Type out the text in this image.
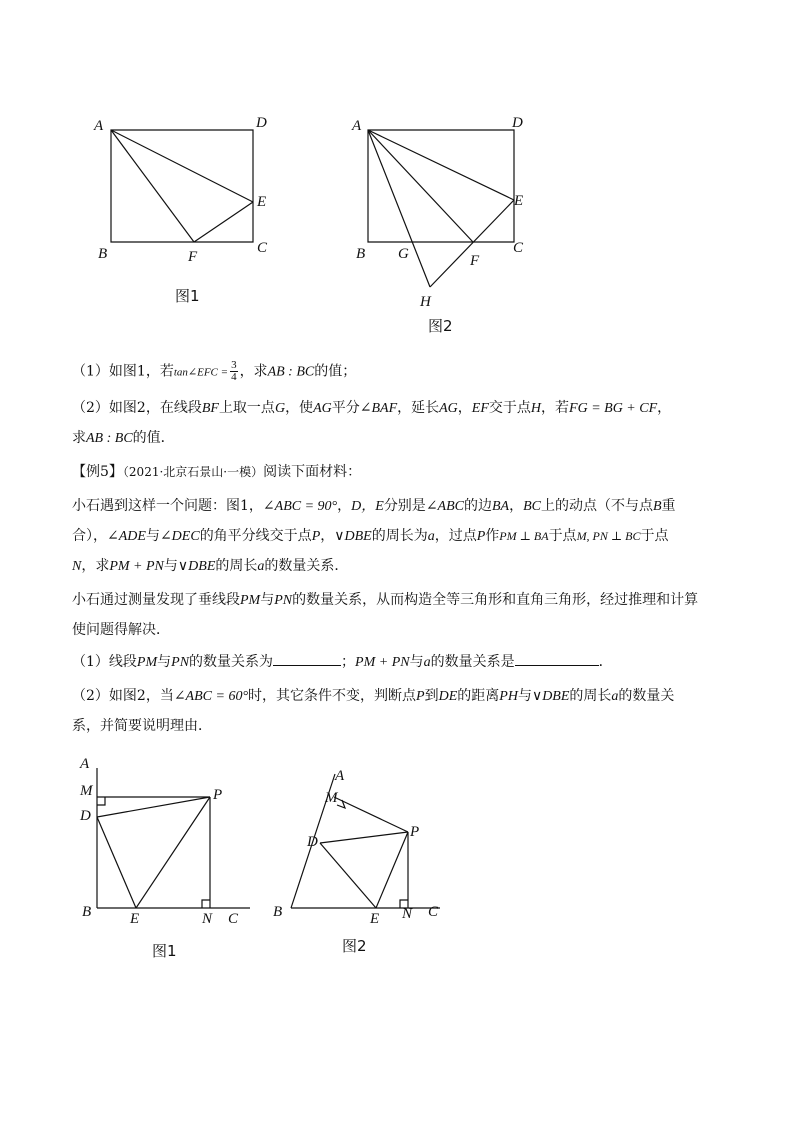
A	D
E
B	F
C
图1
A	D
E
B G	F
C
H
图2
（1）如图1，若tan∠EFC = $\frac{3}{4}$ ，求AB : BC的值；
（2）如图2，在线段BF上取一点G，使AG平分∠BAF，延长AG，EF交于点H，若FG = BG + CF，
求AB : BC的值．
【例5】（2021·北京石景山·一模）阅读下面材料：
小石遇到这样一个问题：图1，∠ABC = 90°，D，E分别是∠ABC的边BA，BC上的动点（不与点B重
合），∠ADE与∠DEC的角平分线交于点P，∨DBE的周长为a，过点P作PM ⊥ BA于点M, PN ⊥ BC于点
N，求PM + PN与∨DBE的周长a的数量关系．
小石通过测量发现了垂线段PM与PN的数量关系，从而构造全等三角形和直角三角形，经过推理和计算
使问题得解决．
（1）线段PM与PN的数量关系为	；PM + PN与a的数量关系是	．
（2）如图2，当∠ABC = 60°时，其它条件不变，判断点P到DE的距离PH与∨DBE的周长a的数量关
系，并简要说明理由．
A
M
D
P
B	E	N C
图1
A
M
D
P
B	E N C
图2
